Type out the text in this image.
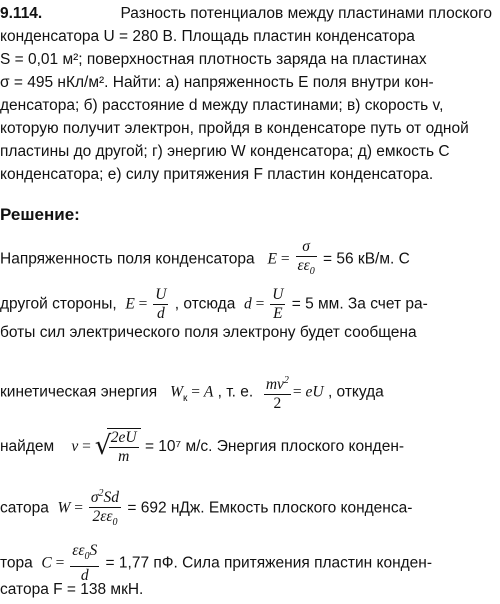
9.114.	Разность потенциалов между пластинами плоского
конденсатора U = 280 В. Площадь пластин конденсатора
S = 0,01 м²; поверхностная плотность заряда на пластинах
σ = 495 нКл/м². Найти: а) напряженность E поля внутри кон-
денсатора; б) расстояние d между пластинами; в) скорость v,
которую получит электрон, пройдя в конденсаторе путь от одной
пластины до другой; г) энергию W конденсатора; д) емкость C
конденсатора; е) силу притяжения F пластин конденсатора.
Решение:
Напряженность поля конденсатора $E = \frac{\sigma}{\varepsilon\varepsilon_0} = 56$ кВ/м. С
другой стороны, $E = \frac{U}{d}$ , отсюда $d = \frac{U}{E} = 5$ мм. За счет ра-
боты сил электрического поля электрону будет сообщена
кинетическая энергия $W_к = A$ , т. е. $\frac{mv^2}{2}$ = eU , откуда
найдем v = √
$\frac{2eU}{m} = 10^7$ м/с. Энергия плоского конден-
сатора $W = \frac{\sigma^2Sd}{2\varepsilon\varepsilon_0} = 692$ нДж. Емкость плоского конденса-
тора $C = \frac{\varepsilon\varepsilon_0S}{d} = 1,77$ пФ. Сила притяжения пластин конден-
сатора F = 138 мкН.
